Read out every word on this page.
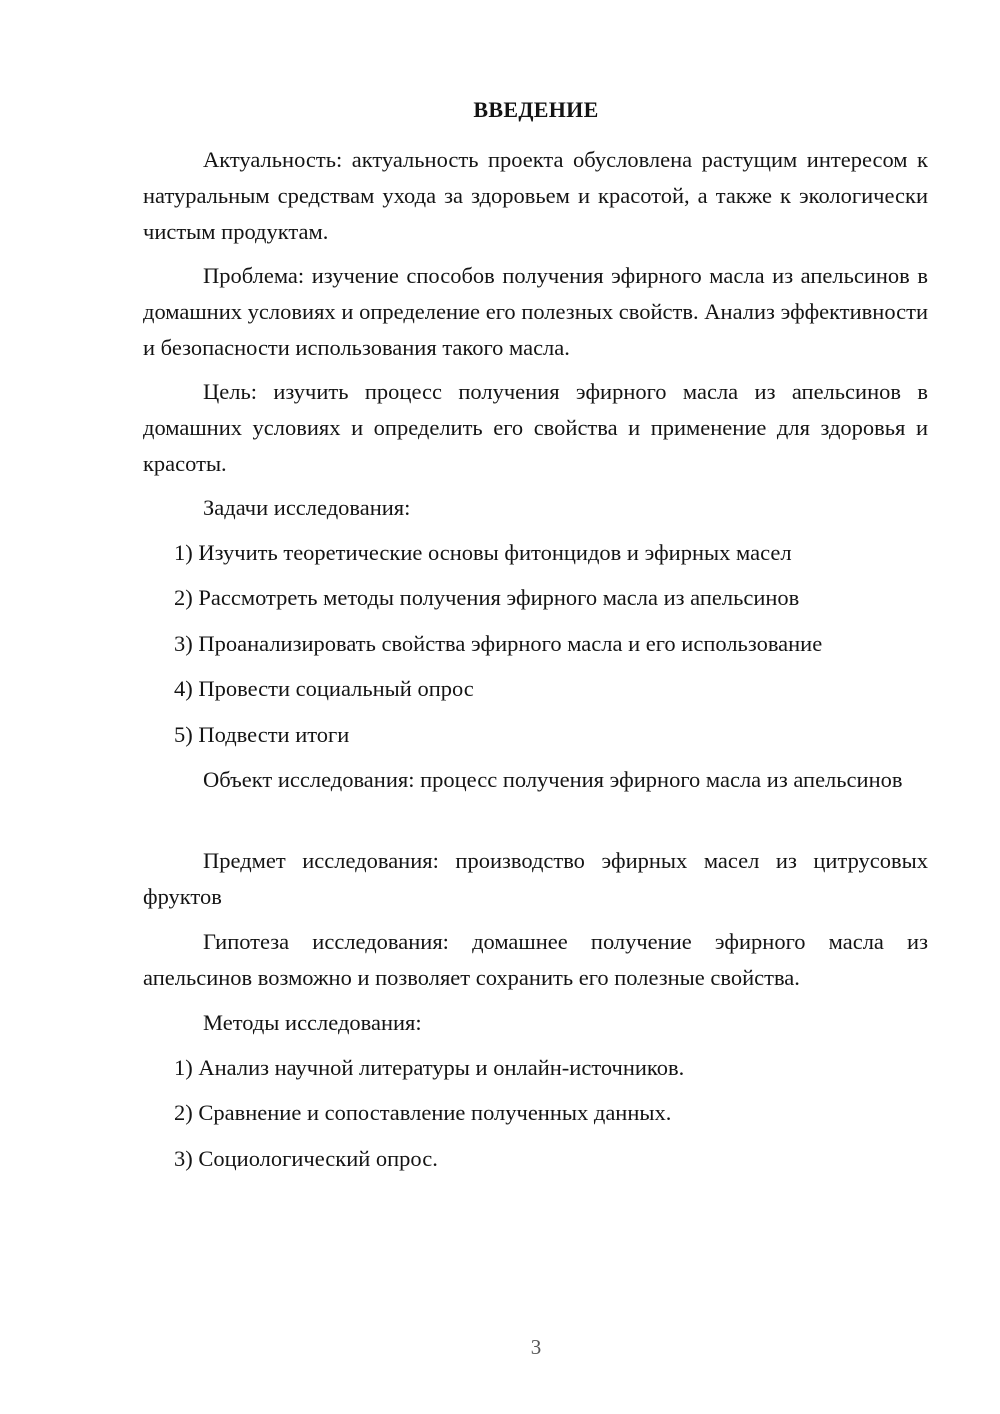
ВВЕДЕНИЕ

Актуальность: актуальность проекта обусловлена растущим интересом к натуральным средствам ухода за здоровьем и красотой, а также к экологически чистым продуктам.

Проблема: изучение способов получения эфирного масла из апельсинов в домашних условиях и определение его полезных свойств. Анализ эффективности и безопасности использования такого масла.

Цель: изучить процесс получения эфирного масла из апельсинов в домашних условиях и определить его свойства и применение для здоровья и красоты.

Задачи исследования:

1) Изучить теоретические основы фитонцидов и эфирных масел

2) Рассмотреть методы получения эфирного масла из апельсинов

3) Проанализировать свойства эфирного масла и его использование

4) Провести социальный опрос

5) Подвести итоги

Объект исследования: процесс получения эфирного масла из апельсинов

Предмет исследования: производство эфирных масел из цитрусовых фруктов

Гипотеза исследования: домашнее получение эфирного масла из апельсинов возможно и позволяет сохранить его полезные свойства.

Методы исследования:

1) Анализ научной литературы и онлайн-источников.

2) Сравнение и сопоставление полученных данных.

3) Социологический опрос.

3
